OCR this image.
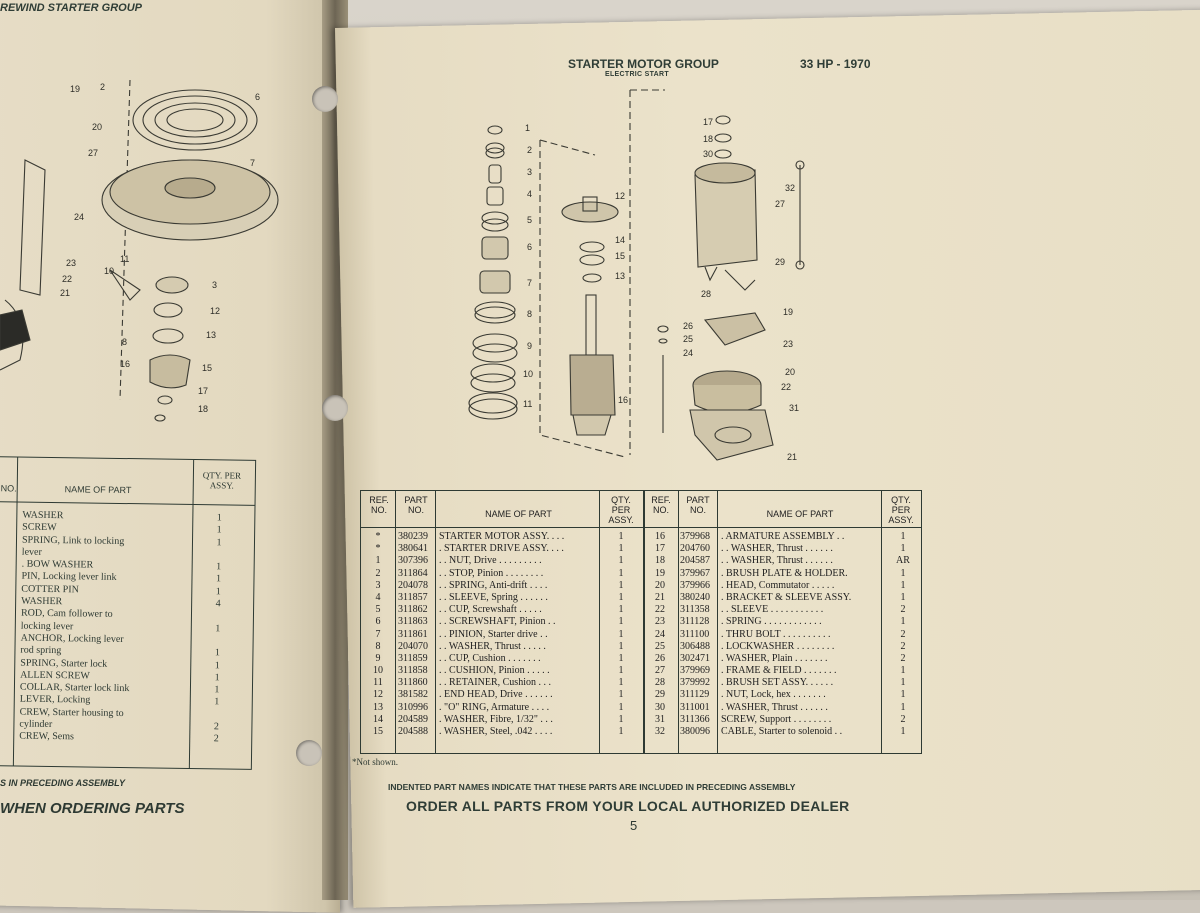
REWIND STARTER GROUP
19 2
20
27
24
23
22
21
10
11
8
3
12
13
16	15
17
18
6
7
NO.	NAME OF PART
QTY. PER ASSY.
WASHER	1
SCREW	1
SPRING, Link to locking	1
lever
. BOW WASHER	1
PIN, Locking lever link	1
COTTER PIN	1
WASHER	4
ROD, Cam follower to
locking lever	1
ANCHOR, Locking lever
rod spring	1
SPRING, Starter lock	1
ALLEN SCREW	1
COLLAR, Starter lock link	1
LEVER, Locking	1
CREW, Starter housing to
cylinder	2
CREW, Sems	2
S IN PRECEDING ASSEMBLY
WHEN ORDERING PARTS
STARTER MOTOR GROUP
ELECTRIC START
33 HP - 1970
1
2
3
4
5
6
7
8
9
10
11
12
14
15
13
16
17
18
30
27
32
29
28
19
23
26
25
24
20
22
31
21
REF. NO.
PART NO.	NAME OF PART
QTY. PER ASSY.
REF. NO.
PART NO.	NAME OF PART
QTY. PER ASSY.
*	380239 STARTER MOTOR ASSY. . . .	1
*	380641 . STARTER DRIVE ASSY. . . .	1
1	307396 . . NUT, Drive . . . . . . . . .	1
2	311864 . . STOP, Pinion . . . . . . . .	1
3	204078 . . SPRING, Anti-drift . . . .	1
4	311857 . . SLEEVE, Spring . . . . . .	1
5	311862 . . CUP, Screwshaft . . . . .	1
6	311863 . . SCREWSHAFT, Pinion . .	1
7	311861 . . PINION, Starter drive . .	1
8	204070 . . WASHER, Thrust . . . . .	1
9	311859 . . CUP, Cushion . . . . . . .	1
10	311858 . . CUSHION, Pinion . . . . .	1
11	311860 . . RETAINER, Cushion . . .	1
12	381582 . END HEAD, Drive . . . . . .	1
13	310996 . "O" RING, Armature . . . .	1
14	204589 . WASHER, Fibre, 1/32" . . .	1
15	204588 . WASHER, Steel, .042 . . . .	1
16	379968 . ARMATURE ASSEMBLY . .	1
17	204760 . . WASHER, Thrust . . . . . .	1
18	204587 . . WASHER, Thrust . . . . . .	AR
19	379967 . BRUSH PLATE & HOLDER.	1
20	379966 . HEAD, Commutator . . . . .	1
21	380240 . BRACKET & SLEEVE ASSY.	1
22	311358 . . SLEEVE . . . . . . . . . . .	2
23	311128 . SPRING . . . . . . . . . . . .	1
24	311100 . THRU BOLT . . . . . . . . . .	2
25	306488 . LOCKWASHER . . . . . . . .	2
26	302471 . WASHER, Plain . . . . . . .	2
27	379969 . FRAME & FIELD . . . . . . .	1
28	379992 . BRUSH SET ASSY. . . . . .	1
29	311129 . NUT, Lock, hex . . . . . . .	1
30	311001 . WASHER, Thrust . . . . . .	1
31	311366 SCREW, Support . . . . . . . .	2
32	380096 CABLE, Starter to solenoid . .	1
*Not shown.
INDENTED PART NAMES INDICATE THAT THESE PARTS ARE INCLUDED IN PRECEDING ASSEMBLY
ORDER ALL PARTS FROM YOUR LOCAL AUTHORIZED DEALER
5
